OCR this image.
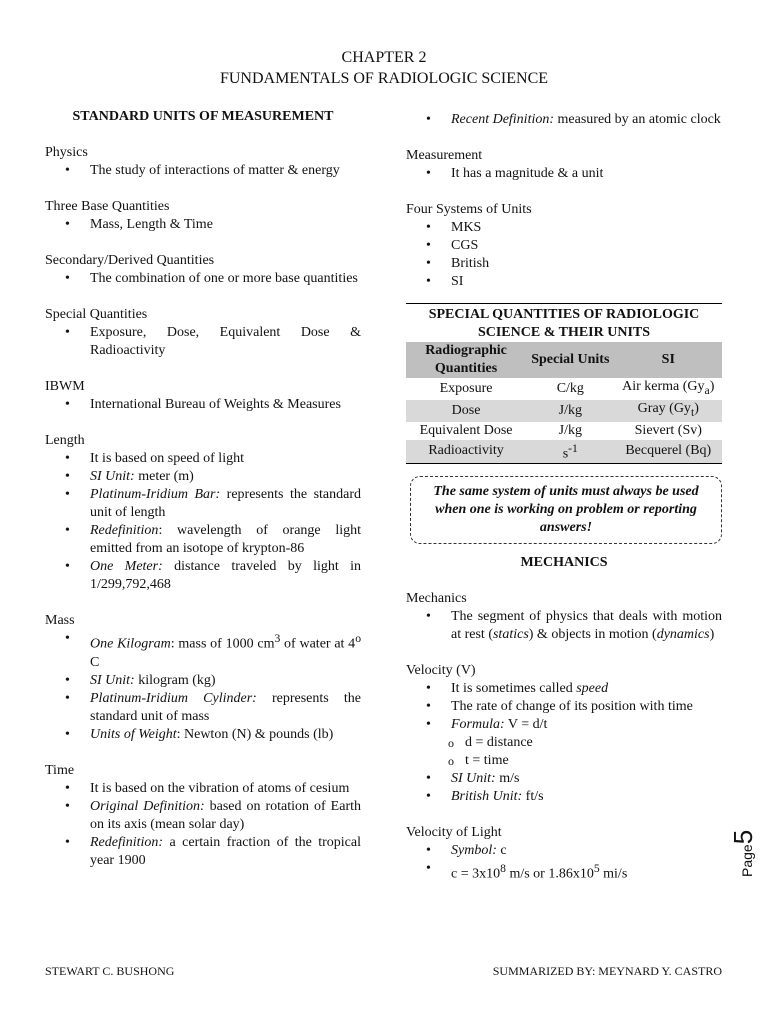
CHAPTER 2
FUNDAMENTALS OF RADIOLOGIC SCIENCE
STANDARD UNITS OF MEASUREMENT

Physics

• The study of interactions of matter & energy

Three Base Quantities

• Mass, Length & Time

Secondary/Derived Quantities

• The combination of one or more base quantities

Special Quantities

• Exposure, Dose, Equivalent Dose & Radioactivity

IBWM

• International Bureau of Weights & Measures

Length

• It is based on speed of light
• SI Unit: meter (m)
• Platinum-Iridium Bar: represents the standard unit of length
• Redefinition: wavelength of orange light emitted from an isotope of krypton-86
• One Meter: distance traveled by light in 1/299,792,468

Mass

• One Kilogram: mass of 1000 $cm^3$ of water at 4$^o$ C
• SI Unit: kilogram (kg)
• Platinum-Iridium Cylinder: represents the standard unit of mass
• Units of Weight: Newton (N) & pounds (lb)

Time

• It is based on the vibration of atoms of cesium
• Original Definition: based on rotation of Earth on its axis (mean solar day)
• Redefinition: a certain fraction of the tropical year 1900
• Recent Definition: measured by an atomic clock

Measurement

• It has a magnitude & a unit

Four Systems of Units

• MKS
• CGS
• British
• SI
SPECIAL QUANTITIES OF RADIOLOGIC SCIENCE & THEIR UNITS		
Radiographic Quantities	Special Units	SI
Exposure	C/kg	Air kerma $(Gy_a)$
Dose	J/kg	Gray $(Gy_t)$
Equivalent Dose	J/kg	Sievert (Sv)
Radioactivity	$s^{-1}$	Becquerel (Bq)
The same system of units must always be used when one is working on problem or reporting answers!
MECHANICS

Mechanics

• The segment of physics that deals with motion at rest (statics) & objects in motion (dynamics)

Velocity (V)

• It is sometimes called speed
• The rate of change of its position with time
• Formula: V = d/t
o d = distance
o t = time
• SI Unit: m/s
• British Unit: ft/s

Velocity of Light

• Symbol: c
• $c = 3x10^8$ m/s or $1.86x10^5$ mi/s	Page5
STEWART C. BUSHONG	SUMMARIZED BY: MEYNARD Y. CASTRO
